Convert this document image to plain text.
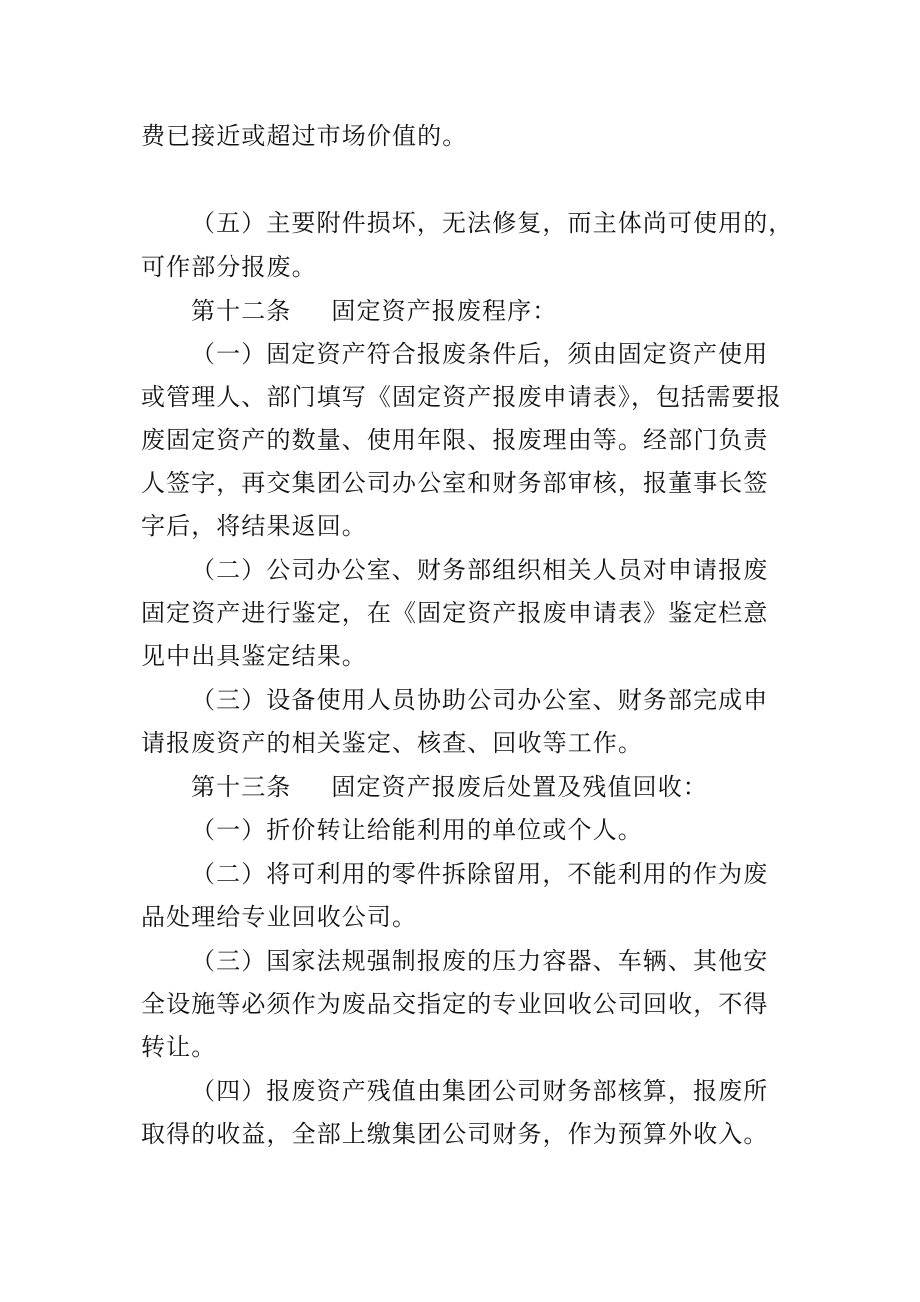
费已接近或超过市场价值的。
（五）主要附件损坏，无法修复，而主体尚可使用的，
可作部分报废。
第十二条 固定资产报废程序：
（一）固定资产符合报废条件后，须由固定资产使用
或管理人、部门填写《固定资产报废申请表》，包括需要报
废固定资产的数量、使用年限、报废理由等。经部门负责
人签字，再交集团公司办公室和财务部审核，报董事长签
字后，将结果返回。
（二）公司办公室、财务部组织相关人员对申请报废
固定资产进行鉴定，在《固定资产报废申请表》鉴定栏意
见中出具鉴定结果。
（三）设备使用人员协助公司办公室、财务部完成申
请报废资产的相关鉴定、核查、回收等工作。
第十三条 固定资产报废后处置及残值回收：
（一）折价转让给能利用的单位或个人。
（二）将可利用的零件拆除留用，不能利用的作为废
品处理给专业回收公司。
（三）国家法规强制报废的压力容器、车辆、其他安
全设施等必须作为废品交指定的专业回收公司回收，不得
转让。
（四）报废资产残值由集团公司财务部核算，报废所
取得的收益，全部上缴集团公司财务，作为预算外收入。
